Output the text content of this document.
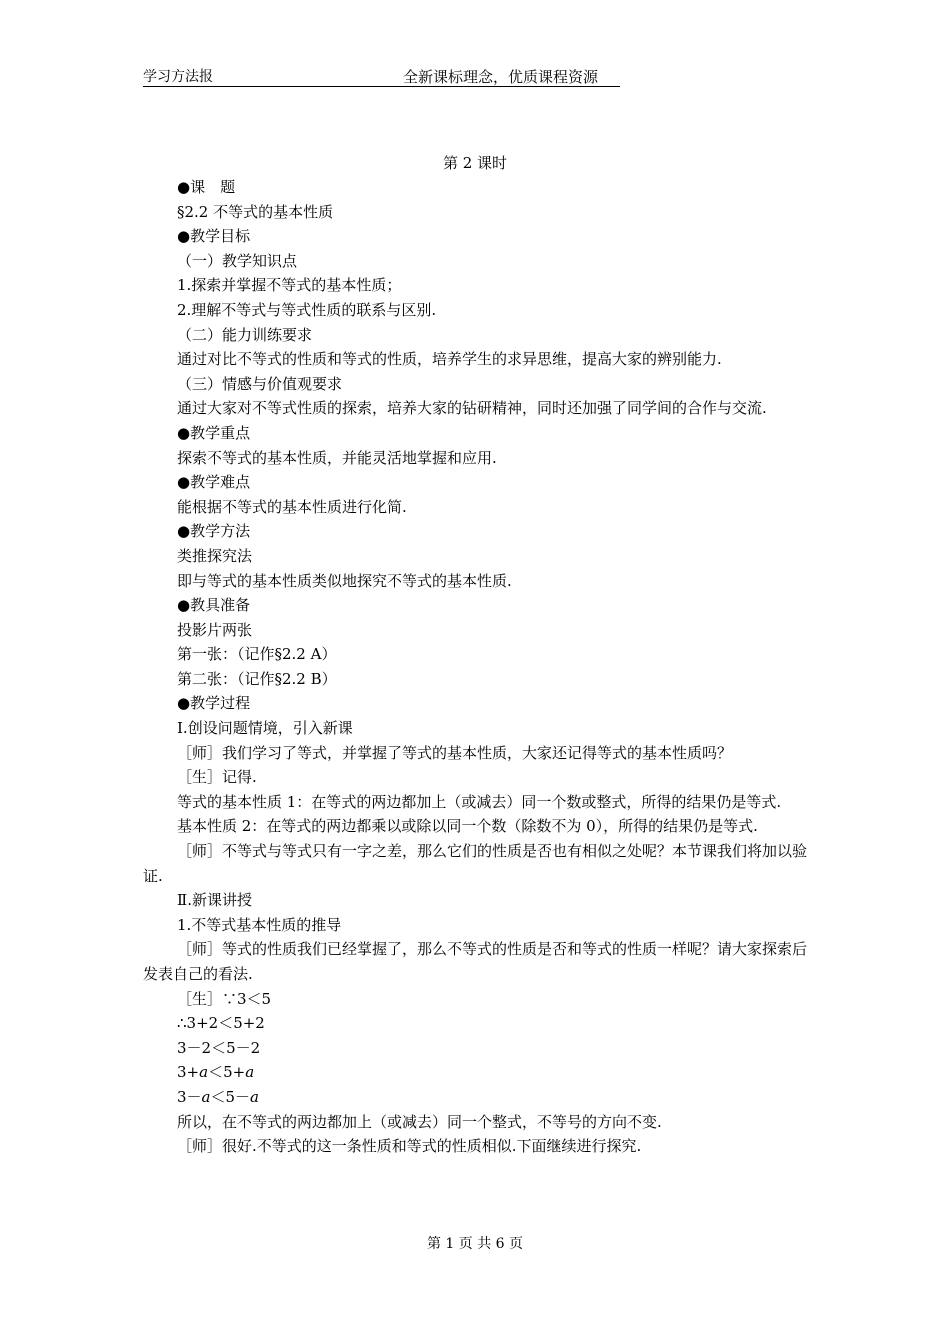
学习方法报	全新课标理念，优质课程资源
第 2 课时
●课　题
§2.2 不等式的基本性质
●教学目标
（一）教学知识点
1.探索并掌握不等式的基本性质；
2.理解不等式与等式性质的联系与区别.
（二）能力训练要求
通过对比不等式的性质和等式的性质，培养学生的求异思维，提高大家的辨别能力.
（三）情感与价值观要求
通过大家对不等式性质的探索，培养大家的钻研精神，同时还加强了同学间的合作与交流.
●教学重点
探索不等式的基本性质，并能灵活地掌握和应用.
●教学难点
能根据不等式的基本性质进行化简.
●教学方法
类推探究法
即与等式的基本性质类似地探究不等式的基本性质.
●教具准备
投影片两张
第一张：（记作§2.2 A）
第二张：（记作§2.2 B）
●教学过程
Ⅰ.创设问题情境，引入新课
［师］我们学习了等式，并掌握了等式的基本性质，大家还记得等式的基本性质吗？
［生］记得.
等式的基本性质 1：在等式的两边都加上（或减去）同一个数或整式，所得的结果仍是等式.
基本性质 2：在等式的两边都乘以或除以同一个数（除数不为 0），所得的结果仍是等式.
［师］不等式与等式只有一字之差，那么它们的性质是否也有相似之处呢？本节课我们将加以验证.
Ⅱ.新课讲授
1.不等式基本性质的推导
［师］等式的性质我们已经掌握了，那么不等式的性质是否和等式的性质一样呢？请大家探索后发表自己的看法.
［生］∵3＜5
∴3+2＜5+2
3－2＜5－2
3+a＜5+a
3－a＜5－a
所以，在不等式的两边都加上（或减去）同一个整式，不等号的方向不变.
［师］很好.不等式的这一条性质和等式的性质相似.下面继续进行探究.
第 1 页 共 6 页
